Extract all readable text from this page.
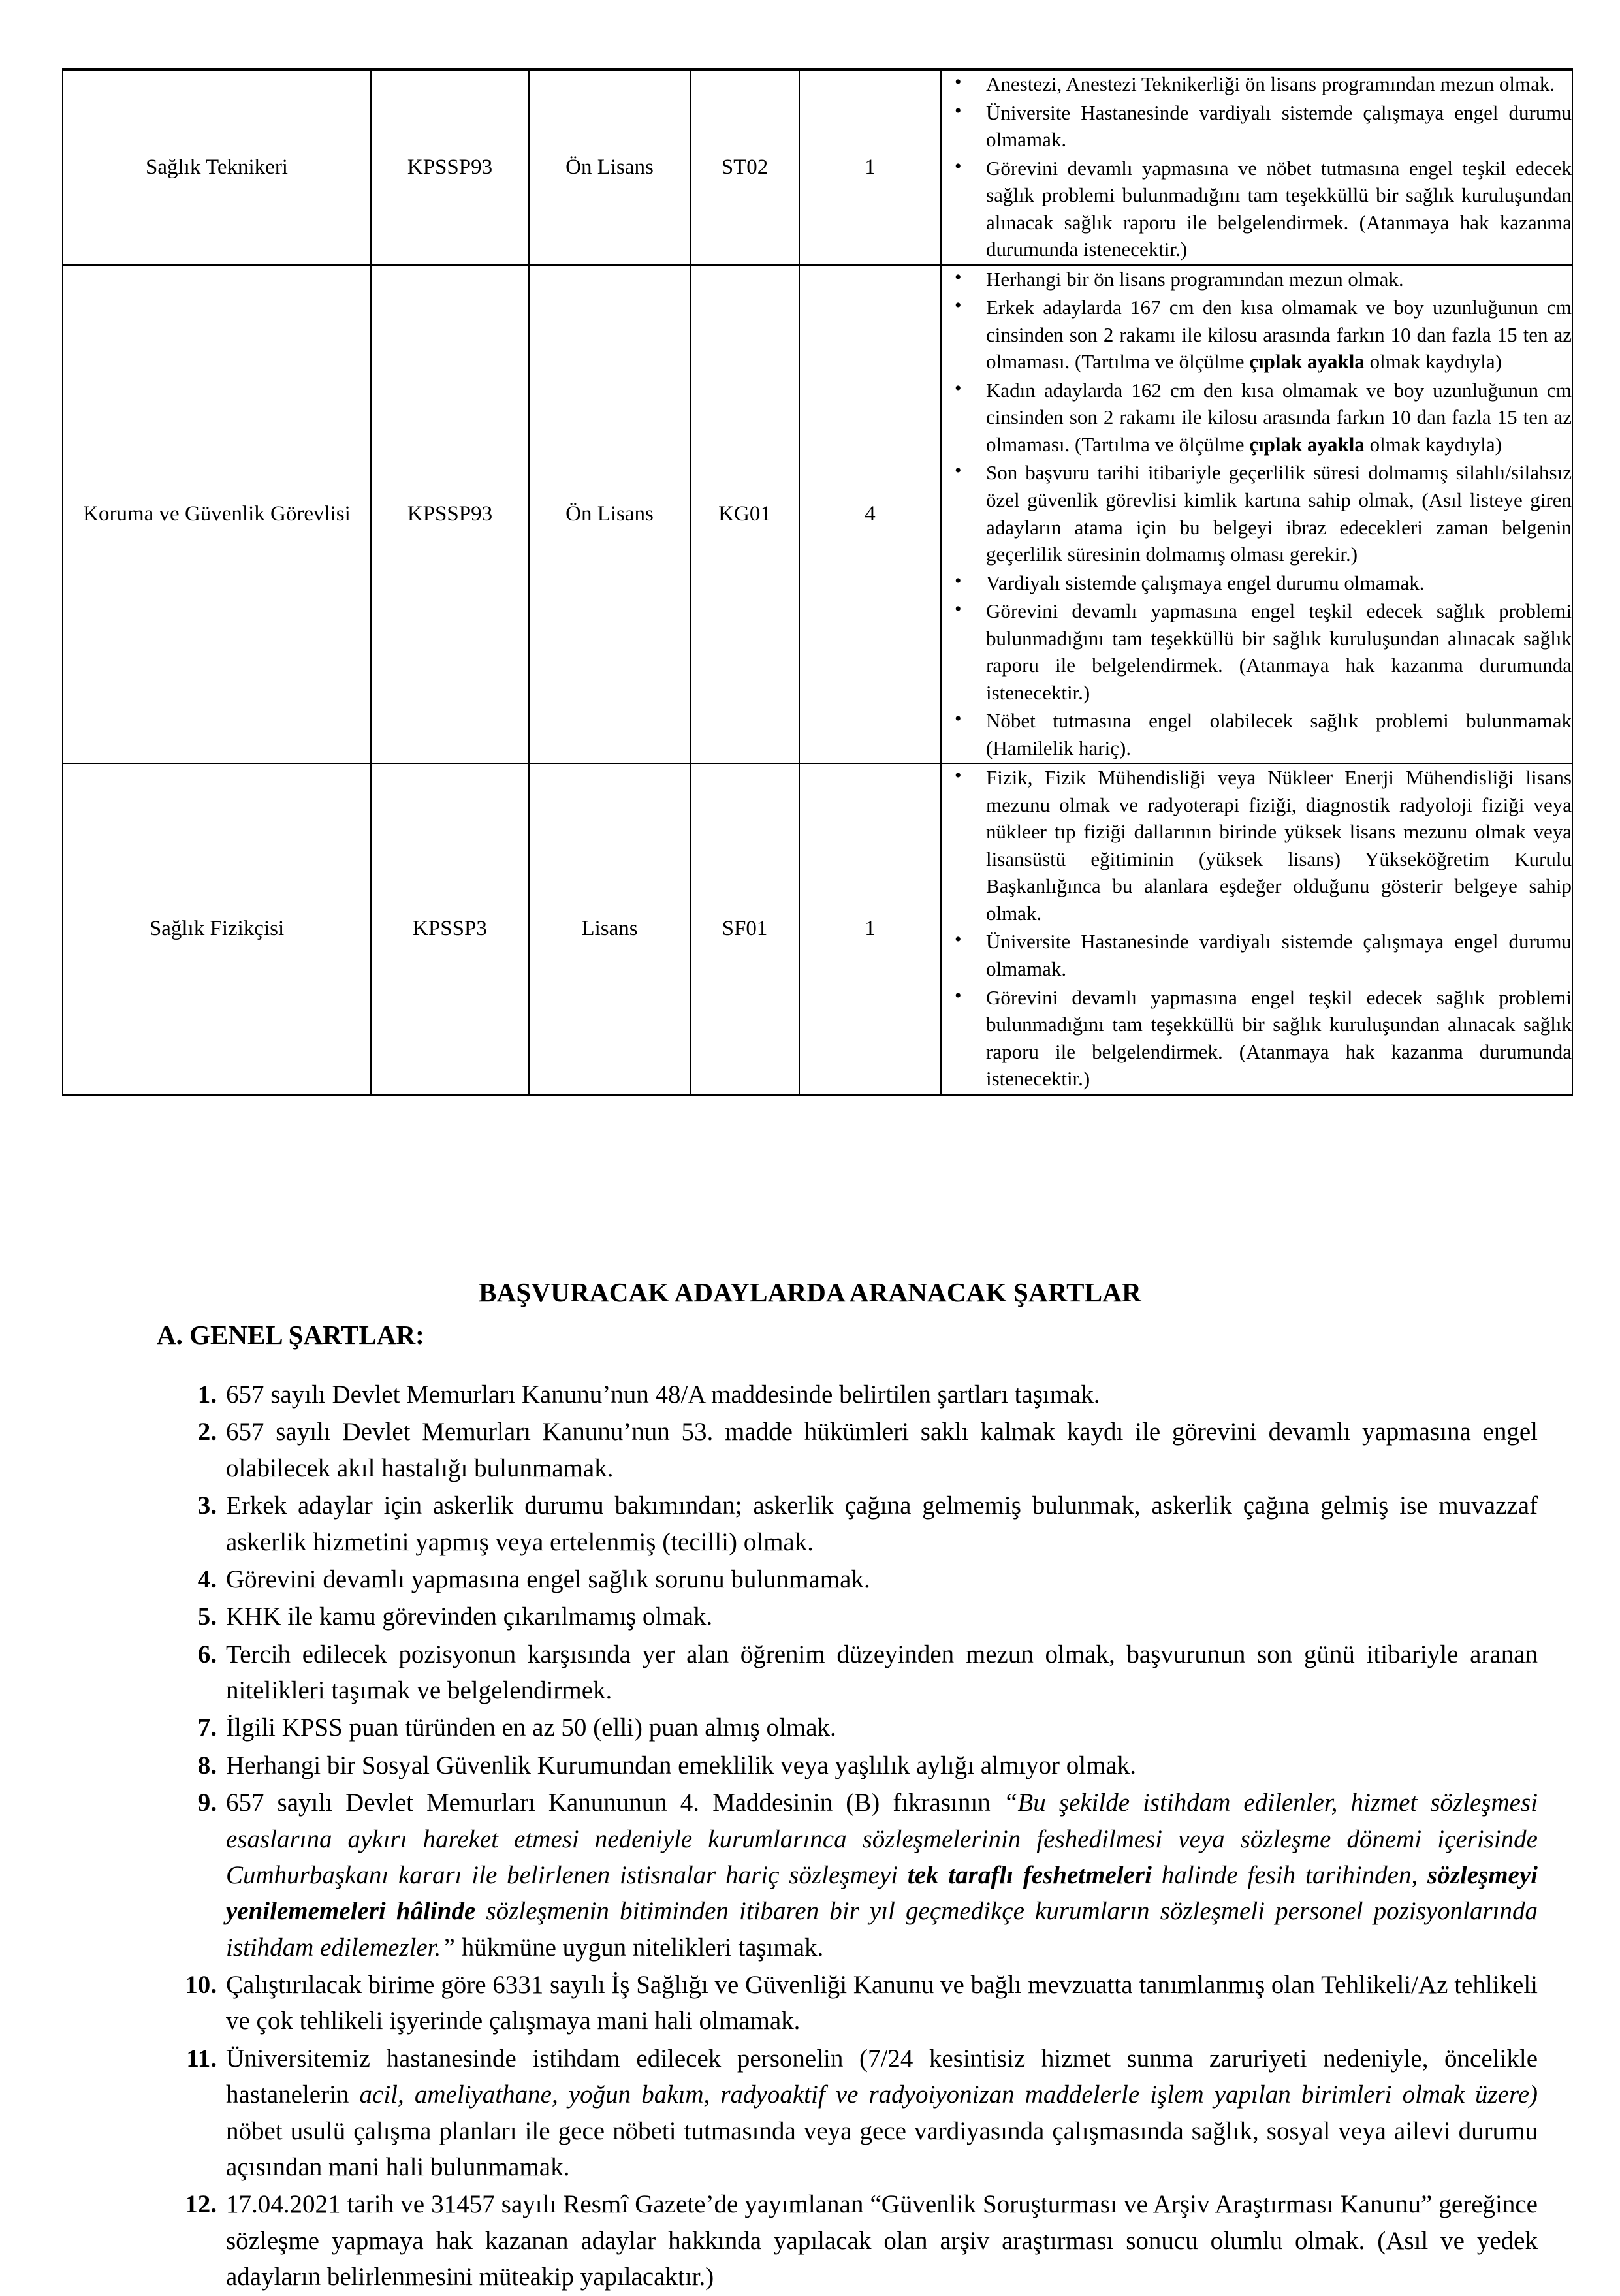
Sağlık Teknikeri	KPSSP93	Ön Lisans	ST02	1	
• Anestezi, Anestezi Teknikerliği ön lisans programından mezun olmak.
• Üniversite Hastanesinde vardiyalı sistemde çalışmaya engel durumu olmamak.
• Görevini devamlı yapmasına ve nöbet tutmasına engel teşkil edecek sağlık problemi bulunmadığını tam teşekküllü bir sağlık kuruluşundan alınacak sağlık raporu ile belgelendirmek. (Atanmaya hak kazanma durumunda istenecektir.)

Koruma ve Güvenlik Görevlisi	KPSSP93	Ön Lisans	KG01	4	
• Herhangi bir ön lisans programından mezun olmak.
• Erkek adaylarda 167 cm den kısa olmamak ve boy uzunluğunun cm cinsinden son 2 rakamı ile kilosu arasında farkın 10 dan fazla 15 ten az olmaması. (Tartılma ve ölçülme çıplak ayakla olmak kaydıyla)
• Kadın adaylarda 162 cm den kısa olmamak ve boy uzunluğunun cm cinsinden son 2 rakamı ile kilosu arasında farkın 10 dan fazla 15 ten az olmaması. (Tartılma ve ölçülme çıplak ayakla olmak kaydıyla)
• Son başvuru tarihi itibariyle geçerlilik süresi dolmamış silahlı/silahsız özel güvenlik görevlisi kimlik kartına sahip olmak, (Asıl listeye giren adayların atama için bu belgeyi ibraz edecekleri zaman belgenin geçerlilik süresinin dolmamış olması gerekir.)
• Vardiyalı sistemde çalışmaya engel durumu olmamak.
• Görevini devamlı yapmasına engel teşkil edecek sağlık problemi bulunmadığını tam teşekküllü bir sağlık kuruluşundan alınacak sağlık raporu ile belgelendirmek. (Atanmaya hak kazanma durumunda istenecektir.)
• Nöbet tutmasına engel olabilecek sağlık problemi bulunmamak (Hamilelik hariç).

Sağlık Fizikçisi	KPSSP3	Lisans	SF01	1	
• Fizik, Fizik Mühendisliği veya Nükleer Enerji Mühendisliği lisans mezunu olmak ve radyoterapi fiziği, diagnostik radyoloji fiziği veya nükleer tıp fiziği dallarının birinde yüksek lisans mezunu olmak veya lisansüstü eğitiminin (yüksek lisans) Yükseköğretim Kurulu Başkanlığınca bu alanlara eşdeğer olduğunu gösterir belgeye sahip olmak.
• Üniversite Hastanesinde vardiyalı sistemde çalışmaya engel durumu olmamak.
• Görevini devamlı yapmasına engel teşkil edecek sağlık problemi bulunmadığını tam teşekküllü bir sağlık kuruluşundan alınacak sağlık raporu ile belgelendirmek. (Atanmaya hak kazanma durumunda istenecektir.)
BAŞVURACAK ADAYLARDA ARANACAK ŞARTLAR
A. GENEL ŞARTLAR:
657 sayılı Devlet Memurları Kanunu’nun 48/A maddesinde belirtilen şartları taşımak.
657 sayılı Devlet Memurları Kanunu’nun 53. madde hükümleri saklı kalmak kaydı ile görevini devamlı yapmasına engel olabilecek akıl hastalığı bulunmamak.
Erkek adaylar için askerlik durumu bakımından; askerlik çağına gelmemiş bulunmak, askerlik çağına gelmiş ise muvazzaf askerlik hizmetini yapmış veya ertelenmiş (tecilli) olmak.
Görevini devamlı yapmasına engel sağlık sorunu bulunmamak.
KHK ile kamu görevinden çıkarılmamış olmak.
Tercih edilecek pozisyonun karşısında yer alan öğrenim düzeyinden mezun olmak, başvurunun son günü itibariyle aranan nitelikleri taşımak ve belgelendirmek.
İlgili KPSS puan türünden en az 50 (elli) puan almış olmak.
Herhangi bir Sosyal Güvenlik Kurumundan emeklilik veya yaşlılık aylığı almıyor olmak.
657 sayılı Devlet Memurları Kanununun 4. Maddesinin (B) fıkrasının “Bu şekilde istihdam edilenler, hizmet sözleşmesi esaslarına aykırı hareket etmesi nedeniyle kurumlarınca sözleşmelerinin feshedilmesi veya sözleşme dönemi içerisinde Cumhurbaşkanı kararı ile belirlenen istisnalar hariç sözleşmeyi tek taraflı feshetmeleri halinde fesih tarihinden, sözleşmeyi yenilememeleri hâlinde sözleşmenin bitiminden itibaren bir yıl geçmedikçe kurumların sözleşmeli personel pozisyonlarında istihdam edilemezler.” hükmüne uygun nitelikleri taşımak.
Çalıştırılacak birime göre 6331 sayılı İş Sağlığı ve Güvenliği Kanunu ve bağlı mevzuatta tanımlanmış olan Tehlikeli/Az tehlikeli ve çok tehlikeli işyerinde çalışmaya mani hali olmamak.
Üniversitemiz hastanesinde istihdam edilecek personelin (7/24 kesintisiz hizmet sunma zaruriyeti nedeniyle, öncelikle hastanelerin acil, ameliyathane, yoğun bakım, radyoaktif ve radyoiyonizan maddelerle işlem yapılan birimleri olmak üzere) nöbet usulü çalışma planları ile gece nöbeti tutmasında veya gece vardiyasında çalışmasında sağlık, sosyal veya ailevi durumu açısından mani hali bulunmamak.
17.04.2021 tarih ve 31457 sayılı Resmî Gazete’de yayımlanan “Güvenlik Soruşturması ve Arşiv Araştırması Kanunu” gereğince sözleşme yapmaya hak kazanan adaylar hakkında yapılacak olan arşiv araştırması sonucu olumlu olmak. (Asıl ve yedek adayların belirlenmesini müteakip yapılacaktır.)
